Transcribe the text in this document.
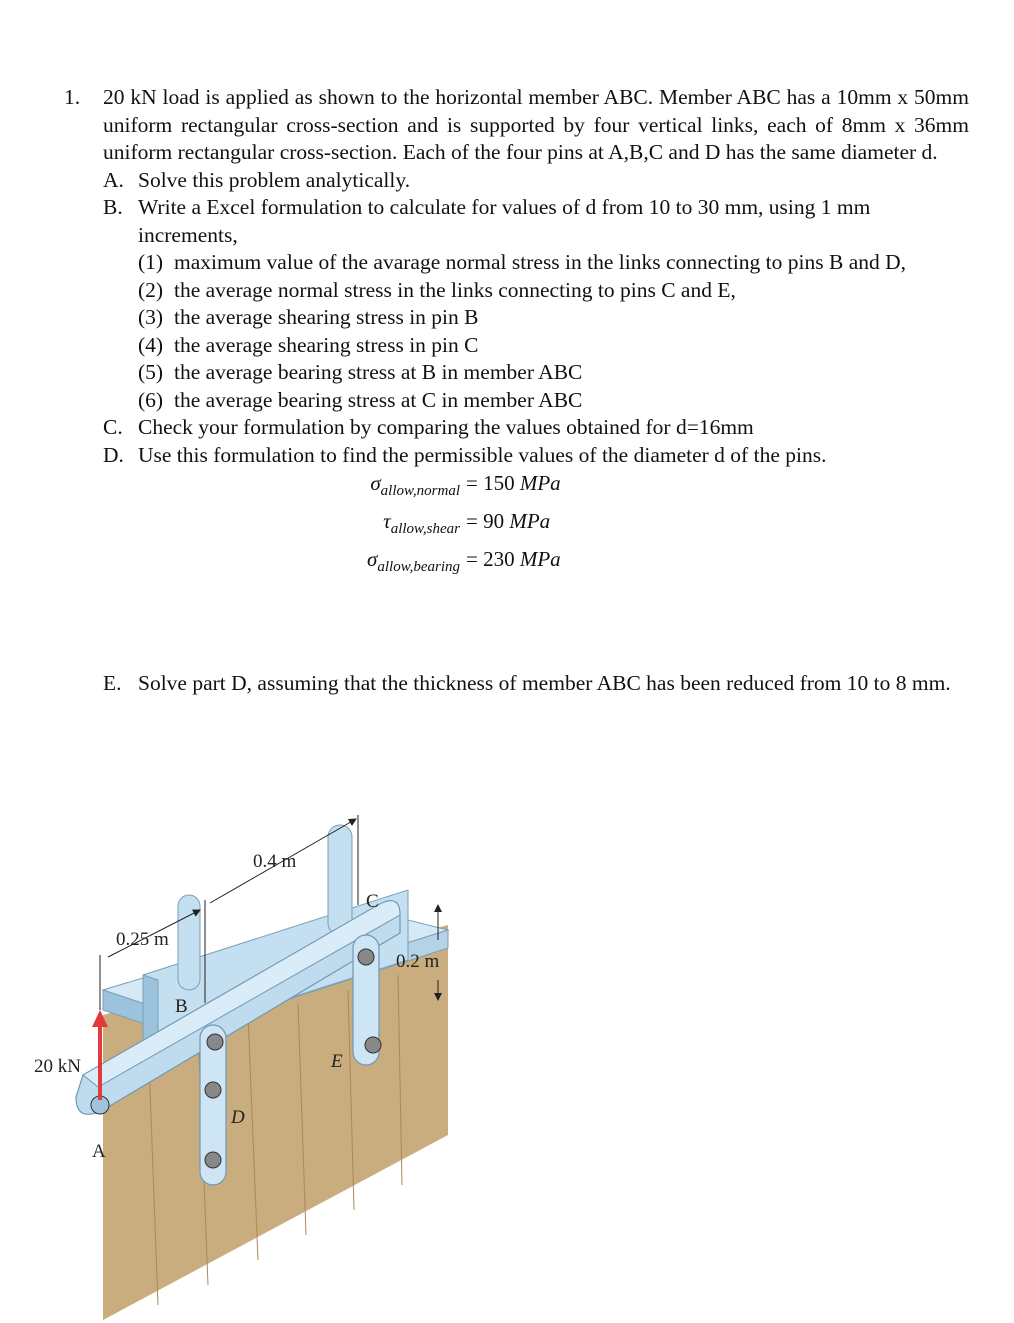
1. 20 kN load is applied as shown to the horizontal member ABC. Member ABC has a 10mm x 50mm uniform rectangular cross-section and is supported by four vertical links, each of 8mm x 36mm uniform rectangular cross-section. Each of the four pins at A,B,C and D has the same diameter d.
A. Solve this problem analytically.
B. Write a Excel formulation to calculate for values of d from 10 to 30 mm, using 1 mm increments,
(1) maximum value of the avarage normal stress in the links connecting to pins B and D,
(2) the average normal stress in the links connecting to pins C and E,
(3) the average shearing stress in pin B
(4) the average shearing stress in pin C
(5) the average bearing stress at B in member ABC
(6) the average bearing stress at C in member ABC
C. Check your formulation by comparing the values obtained for d=16mm
D. Use this formulation to find the permissible values of the diameter d of the pins.
$\sigma_{allow,normal} = 150$ MPa
$\tau_{allow,shear} = 90$ MPa
$\sigma_{allow,bearing} = 230$ MPa
E. Solve part D, assuming that the thickness of member ABC has been reduced from 10 to 8 mm.
0.4 m
0.25 m
0.2 m
20 kN
A
B
C
D
E
